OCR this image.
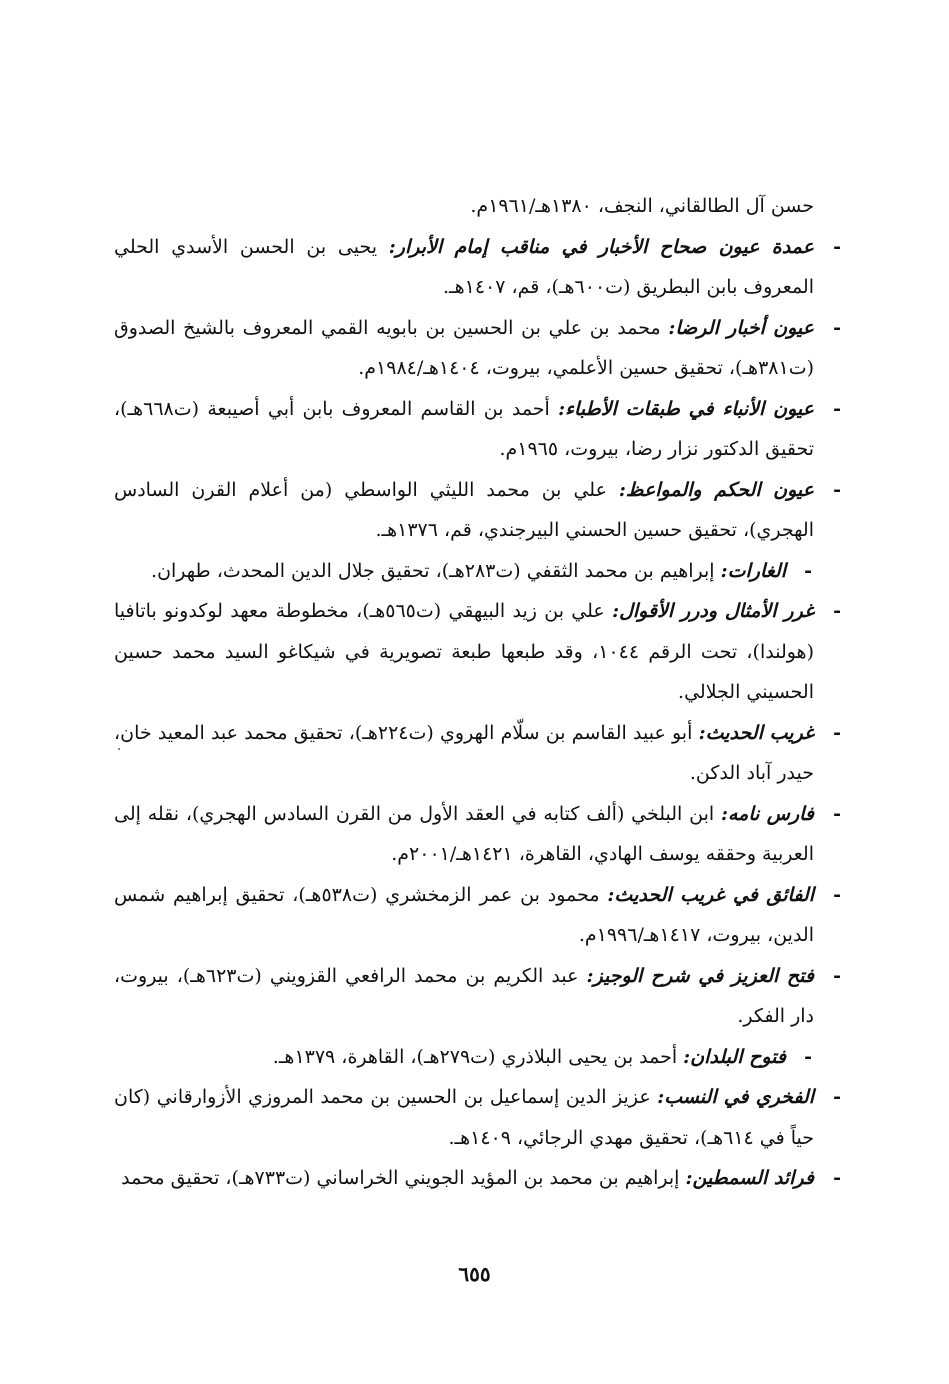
حسن آل الطالقاني، النجف، ١٣٨٠هـ/١٩٦١م.

-
عمدة عيون صحاح الأخبار في مناقب إمام الأبرار: يحيى بن الحسن الأسدي الحلي المعروف بابن البطريق (ت٦٠٠هـ)، قم، ١٤٠٧هـ.

-
عيون أخبار الرضا: محمد بن علي بن الحسين بن بابويه القمي المعروف بالشيخ الصدوق (ت٣٨١هـ)، تحقيق حسين الأعلمي، بيروت، ١٤٠٤هـ/١٩٨٤م.

-
عيون الأنباء في طبقات الأطباء: أحمد بن القاسم المعروف بابن أبي أصيبعة (ت٦٦٨هـ)، تحقيق الدكتور نزار رضا، بيروت، ١٩٦٥م.

-
عيون الحكم والمواعظ: علي بن محمد الليثي الواسطي (من أعلام القرن السادس الهجري)، تحقيق حسين الحسني البيرجندي، قم، ١٣٧٦هـ.

-
الغارات: إبراهيم بن محمد الثقفي (ت٢٨٣هـ)، تحقيق جلال الدين المحدث، طهران.

-
غرر الأمثال ودرر الأقوال: علي بن زيد البيهقي (ت٥٦٥هـ)، مخطوطة معهد لوكدونو باتافيا (هولندا)، تحت الرقم ١٠٤٤، وقد طبعها طبعة تصويرية في شيكاغو السيد محمد حسين الحسيني الجلالي.

-
غريب الحديث: أبو عبيد القاسم بن سلّام الهروي (ت٢٢٤هـ)، تحقيق محمد عبد المعيد خان، حيدر آباد الدكن.

-
فارس نامه: ابن البلخي (ألف كتابه في العقد الأول من القرن السادس الهجري)، نقله إلى العربية وحققه يوسف الهادي، القاهرة، ١٤٢١هـ/٢٠٠١م.

-
الفائق في غريب الحديث: محمود بن عمر الزمخشري (ت٥٣٨هـ)، تحقيق إبراهيم شمس الدين، بيروت، ١٤١٧هـ/١٩٩٦م.

-
فتح العزيز في شرح الوجيز: عبد الكريم بن محمد الرافعي القزويني (ت٦٢٣هـ)، بيروت، دار الفكر.

-
فتوح البلدان: أحمد بن يحيى البلاذري (ت٢٧٩هـ)، القاهرة، ١٣٧٩هـ.

-
الفخري في النسب: عزيز الدين إسماعيل بن الحسين بن محمد المروزي الأزوارقاني (كان حياً في ٦١٤هـ)، تحقيق مهدي الرجائي، ١٤٠٩هـ.

-
فرائد السمطين: إبراهيم بن محمد بن المؤيد الجويني الخراساني (ت٧٣٣هـ)، تحقيق محمد

٦٥٥
